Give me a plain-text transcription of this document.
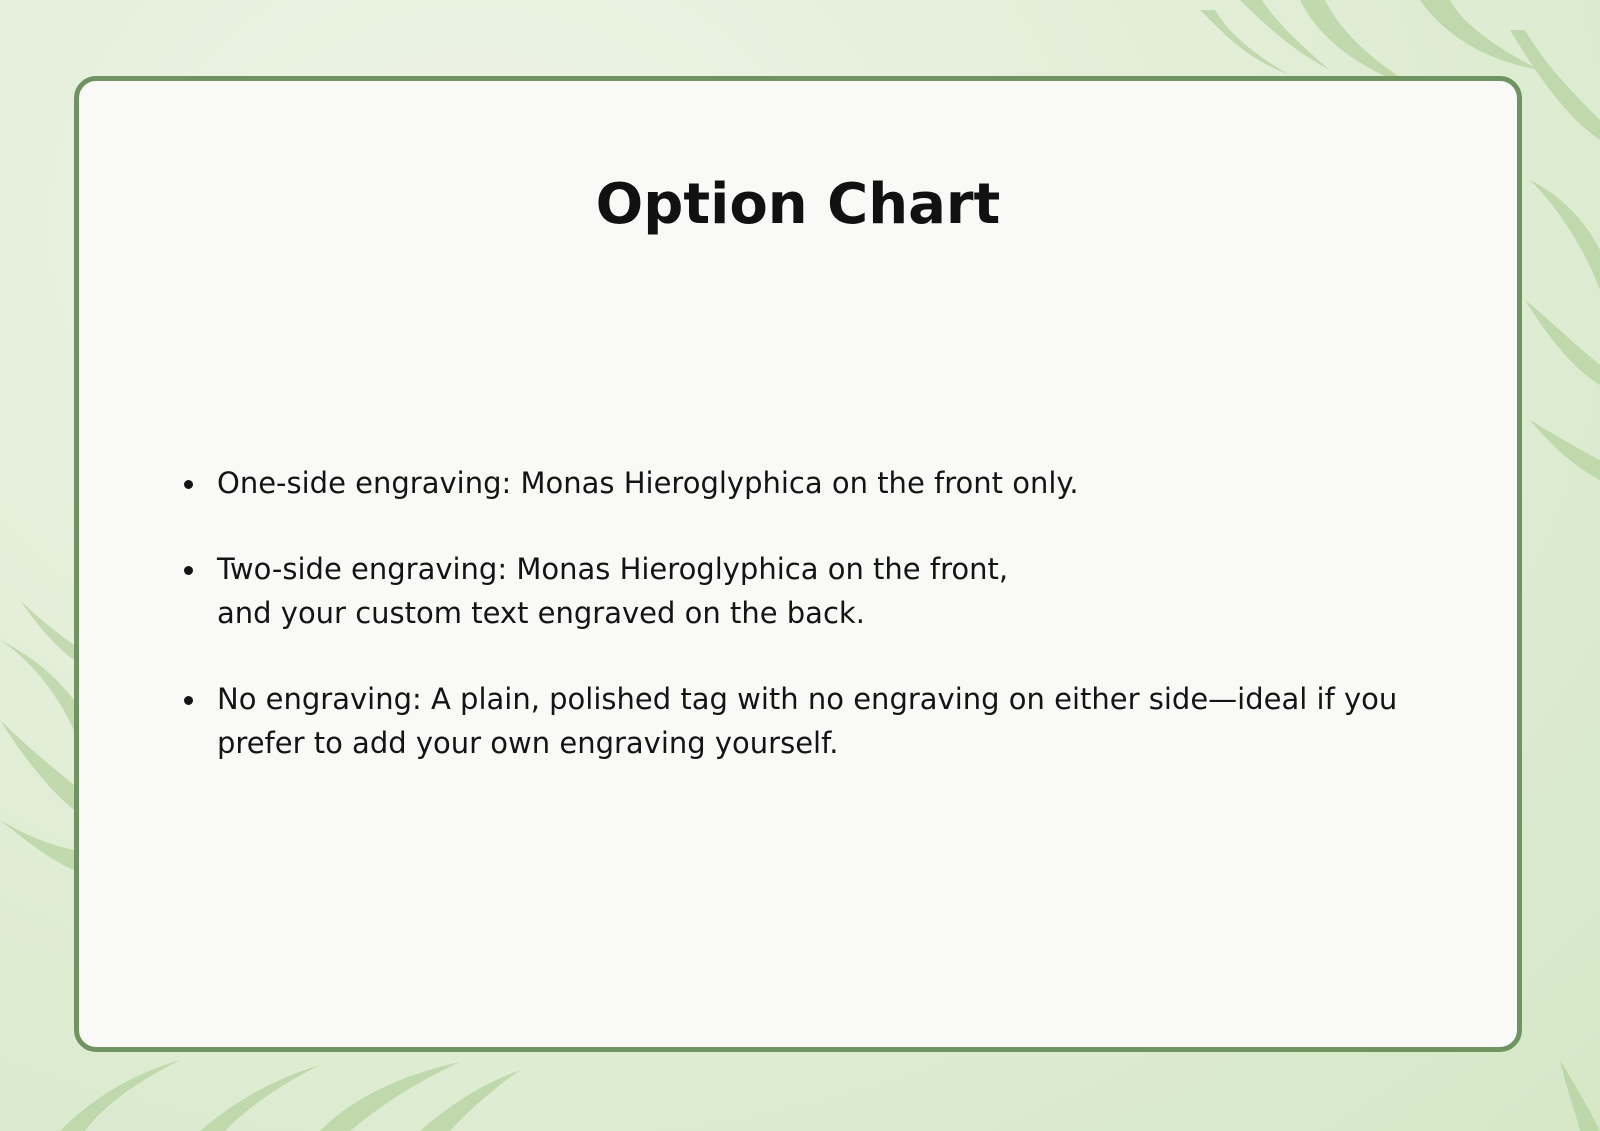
Option Chart
One-side engraving: Monas Hieroglyphica on the front only.
Two-side engraving: Monas Hieroglyphica on the front,
and your custom text engraved on the back.
No engraving: A plain, polished tag with no engraving on either side—ideal if you
prefer to add your own engraving yourself.
